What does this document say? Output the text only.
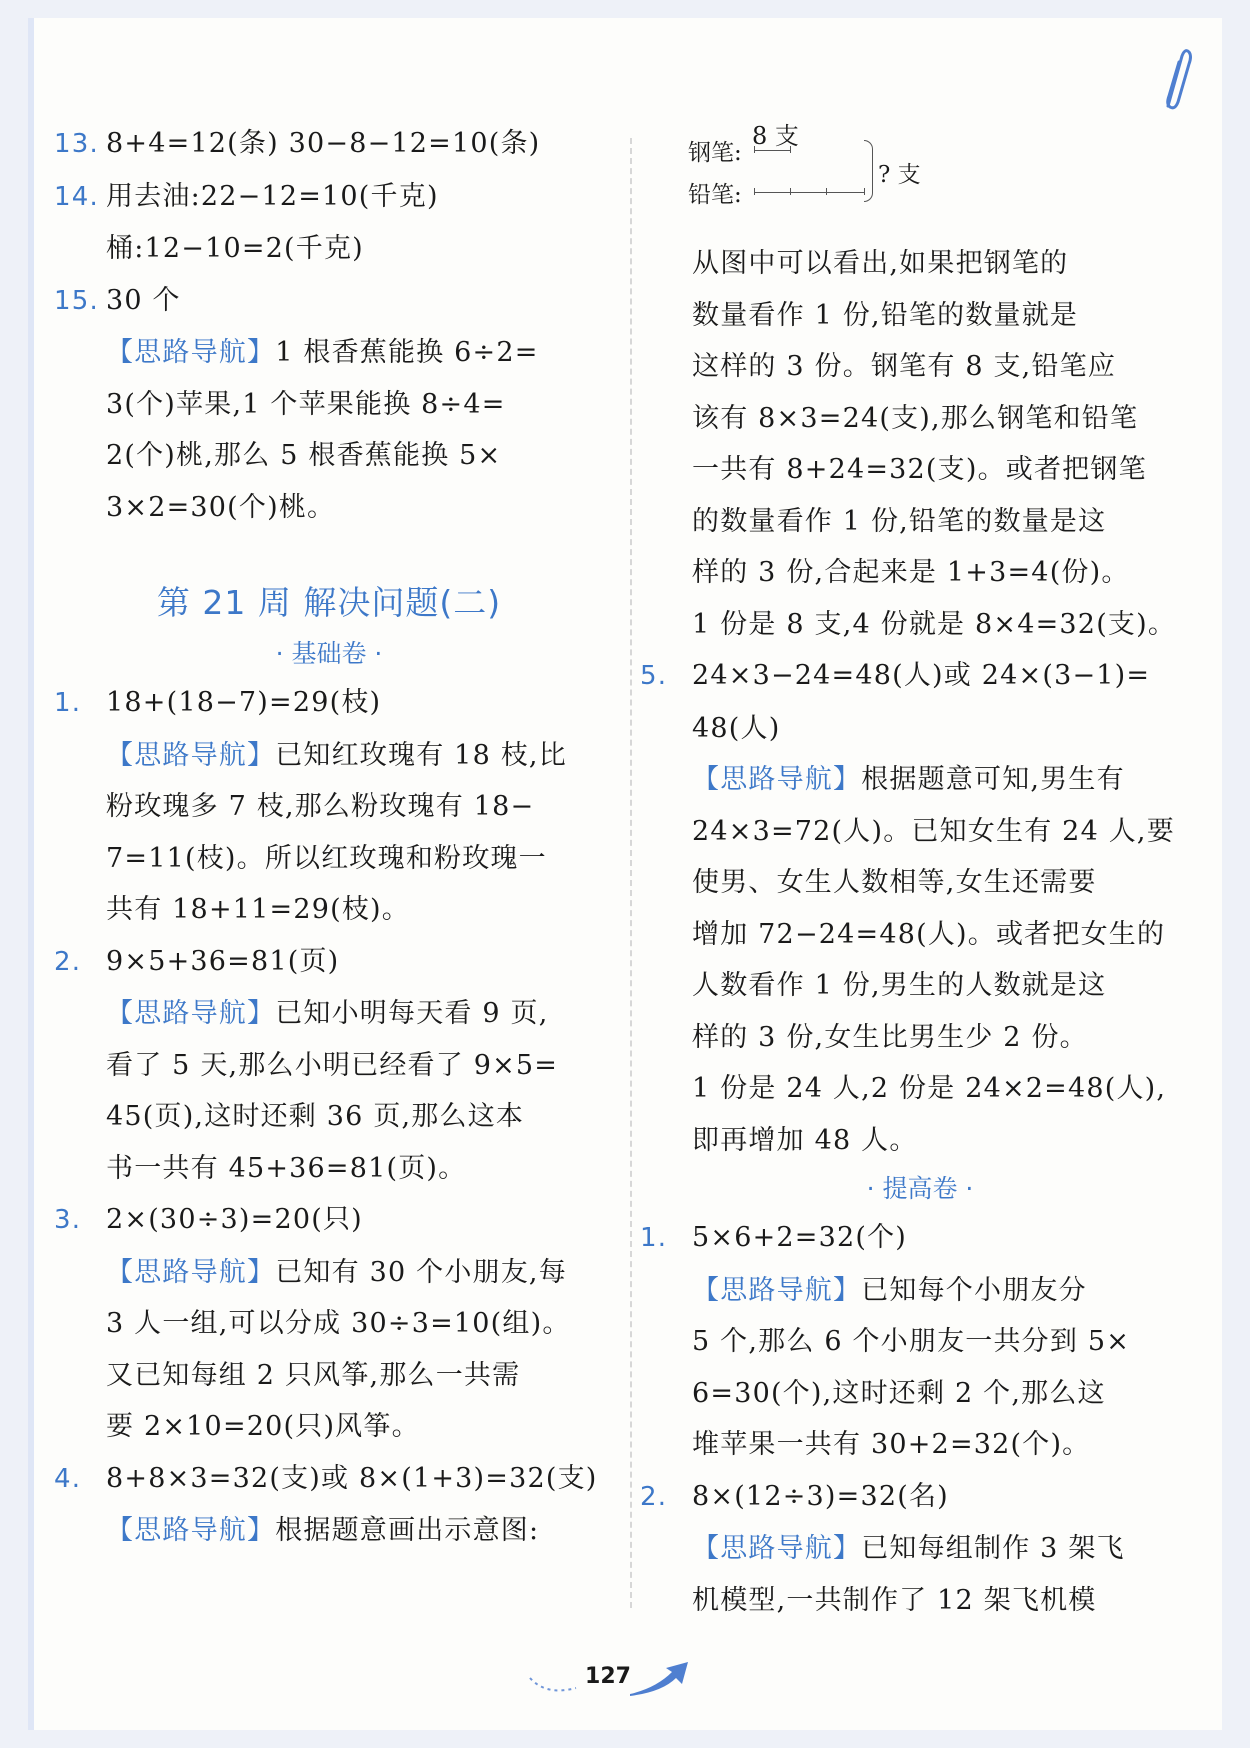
13. 8+4=12(条) 30−8−12=10(条)
14. 用去油:22−12=10(千克)
桶:12−10=2(千克)
15. 30 个
【思路导航】1 根香蕉能换 6÷2=
3(个)苹果,1 个苹果能换 8÷4=
2(个)桃,那么 5 根香蕉能换 5×
3×2=30(个)桃。
第 21 周 解决问题(二)
· 基础卷 ·
1. 18+(18−7)=29(枝)
【思路导航】已知红玫瑰有 18 枝,比
粉玫瑰多 7 枝,那么粉玫瑰有 18−
7=11(枝)。所以红玫瑰和粉玫瑰一
共有 18+11=29(枝)。
2. 9×5+36=81(页)
【思路导航】已知小明每天看 9 页,
看了 5 天,那么小明已经看了 9×5=
45(页),这时还剩 36 页,那么这本
书一共有 45+36=81(页)。
3. 2×(30÷3)=20(只)
【思路导航】已知有 30 个小朋友,每
3 人一组,可以分成 30÷3=10(组)。
又已知每组 2 只风筝,那么一共需
要 2×10=20(只)风筝。
4. 8+8×3=32(支)或 8×(1+3)=32(支)
【思路导航】根据题意画出示意图:
钢笔:
8 支
铅笔:
? 支
从图中可以看出,如果把钢笔的
数量看作 1 份,铅笔的数量就是
这样的 3 份。钢笔有 8 支,铅笔应
该有 8×3=24(支),那么钢笔和铅笔
一共有 8+24=32(支)。或者把钢笔
的数量看作 1 份,铅笔的数量是这
样的 3 份,合起来是 1+3=4(份)。
1 份是 8 支,4 份就是 8×4=32(支)。
5. 24×3−24=48(人)或 24×(3−1)=
48(人)
【思路导航】根据题意可知,男生有
24×3=72(人)。已知女生有 24 人,要
使男、女生人数相等,女生还需要
增加 72−24=48(人)。或者把女生的
人数看作 1 份,男生的人数就是这
样的 3 份,女生比男生少 2 份。
1 份是 24 人,2 份是 24×2=48(人),
即再增加 48 人。
· 提高卷 ·
1. 5×6+2=32(个)
【思路导航】已知每个小朋友分
5 个,那么 6 个小朋友一共分到 5×
6=30(个),这时还剩 2 个,那么这
堆苹果一共有 30+2=32(个)。
2. 8×(12÷3)=32(名)
【思路导航】已知每组制作 3 架飞
机模型,一共制作了 12 架飞机模
127
